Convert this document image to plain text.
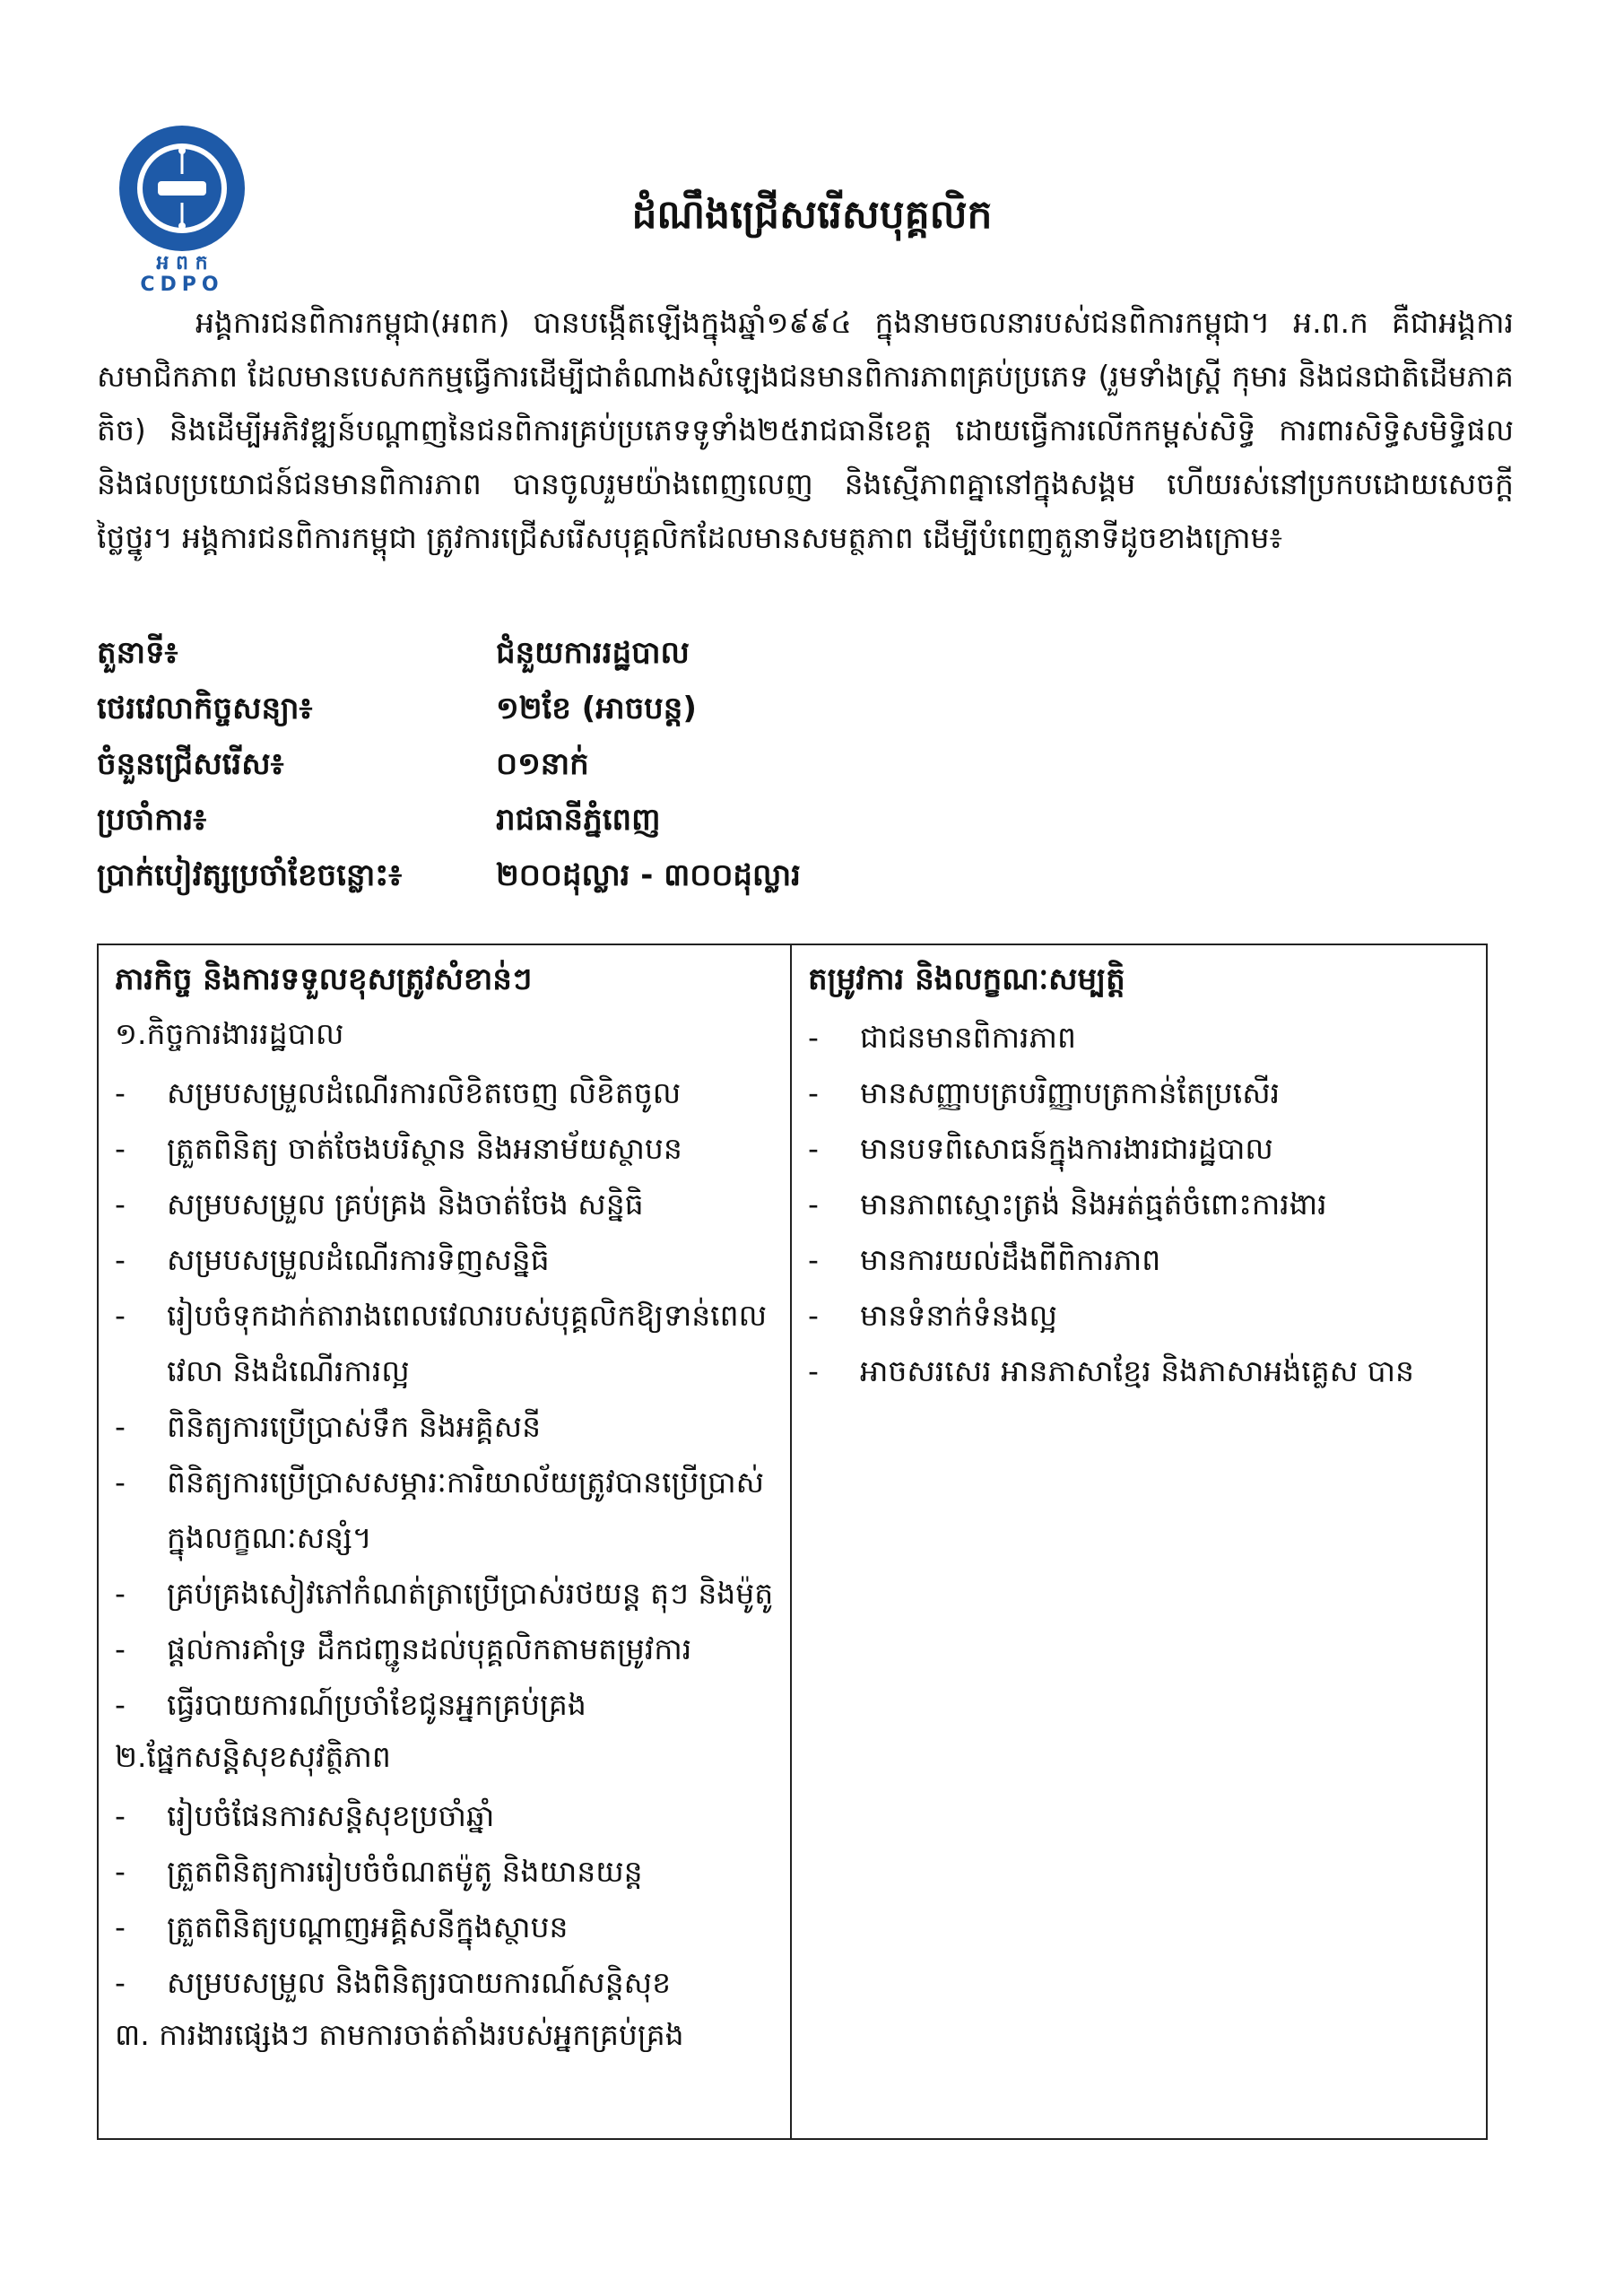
អ ព ក
CDPO
ដំណឹងជ្រើសរើសបុគ្គលិក
អង្គការជនពិការកម្ពុជា(អពក) បានបង្កើតឡើងក្នុងឆ្នាំ១៩៩៤ ក្នុងនាមចលនារបស់ជនពិការកម្ពុជា។ អ.ព.ក គឺជាអង្គការសមាជិកភាព ដែលមានបេសកកម្មធ្វើការដើម្បីជាតំណាងសំឡេងជនមានពិការភាពគ្រប់ប្រភេទ (រួមទាំងស្ត្រី កុមារ និងជនជាតិដើមភាគតិច) និងដើម្បីអភិវឌ្ឍន៍បណ្តាញនៃជនពិការគ្រប់ប្រភេទទូទាំង២៥រាជធានីខេត្ត ដោយធ្វើការលើកកម្ពស់សិទ្ធិ ការពារសិទ្ធិសមិទ្ធិផល និងផលប្រយោជន៍ជនមានពិការភាព បានចូលរួមយ៉ាងពេញលេញ និងស្មើភាពគ្នានៅក្នុងសង្គម ហើយរស់នៅប្រកបដោយសេចក្តីថ្លៃថ្នូរ។ អង្គការជនពិការកម្ពុជា ត្រូវការជ្រើសរើសបុគ្គលិកដែលមានសមត្ថភាព ដើម្បីបំពេញតួនាទីដូចខាងក្រោម៖
តួនាទី៖	ជំនួយការរដ្ឋបាល
ថេរវេលាកិច្ចសន្យា៖	១២ខែ (អាចបន្ត)
ចំនួនជ្រើសរើស៖	០១នាក់
ប្រចាំការ៖	រាជធានីភ្នំពេញ
ប្រាក់បៀវត្សប្រចាំខែចន្លោះ៖	២០០ដុល្លារ - ៣០០ដុល្លារ
ភារកិច្ច និងការទទួលខុសត្រូវសំខាន់ៗ
១.កិច្ចការងាររដ្ឋបាល
-	សម្របសម្រួលដំណើរការលិខិតចេញ លិខិតចូល
-	ត្រួតពិនិត្យ ចាត់ចែងបរិស្ថាន និងអនាម័យស្ថាបន
-	សម្របសម្រួល គ្រប់គ្រង និងចាត់ចែង សន្និធិ
-	សម្របសម្រួលដំណើរការទិញសន្និធិ
-	រៀបចំទុកដាក់តារាងពេលវេលារបស់បុគ្គលិកឱ្យទាន់ពេលវេលា និងដំណើរការល្អ
-	ពិនិត្យការប្រើប្រាស់ទឹក និងអគ្គិសនី
-	ពិនិត្យការប្រើប្រាសសម្ភារៈការិយាល័យត្រូវបានប្រើប្រាស់ក្នុងលក្ខណៈសន្សំ។
-	គ្រប់គ្រងសៀវភៅកំណត់ត្រាប្រើប្រាស់រថយន្ត តុៗ និងម៉ូតូ
-	ផ្តល់ការគាំទ្រ ដឹកជញ្ជូនដល់បុគ្គលិកតាមតម្រូវការ
-	ធ្វើរបាយការណ៍ប្រចាំខែជូនអ្នកគ្រប់គ្រង
២.ផ្នែកសន្តិសុខសុវត្ថិភាព
-	រៀបចំផែនការសន្តិសុខប្រចាំឆ្នាំ
-	ត្រួតពិនិត្យការរៀបចំចំណតម៉ូតូ និងយានយន្ត
-	ត្រួតពិនិត្យបណ្តាញអគ្គិសនីក្នុងស្ថាបន
-	សម្របសម្រួល និងពិនិត្យរបាយការណ៍សន្តិសុខ
៣. ការងារផ្សេងៗ តាមការចាត់តាំងរបស់អ្នកគ្រប់គ្រង
តម្រូវការ និងលក្ខណៈសម្បត្តិ
-	ជាជនមានពិការភាព
-	មានសញ្ញាបត្របរិញ្ញាបត្រកាន់តែប្រសើរ
-	មានបទពិសោធន៍ក្នុងការងារជារដ្ឋបាល
-	មានភាពស្មោះត្រង់ និងអត់ធ្មត់ចំពោះការងារ
-	មានការយល់ដឹងពីពិការភាព
-	មានទំនាក់ទំនងល្អ
-	អាចសរសេរ អានភាសាខ្មែរ និងភាសាអង់គ្លេស បាន
